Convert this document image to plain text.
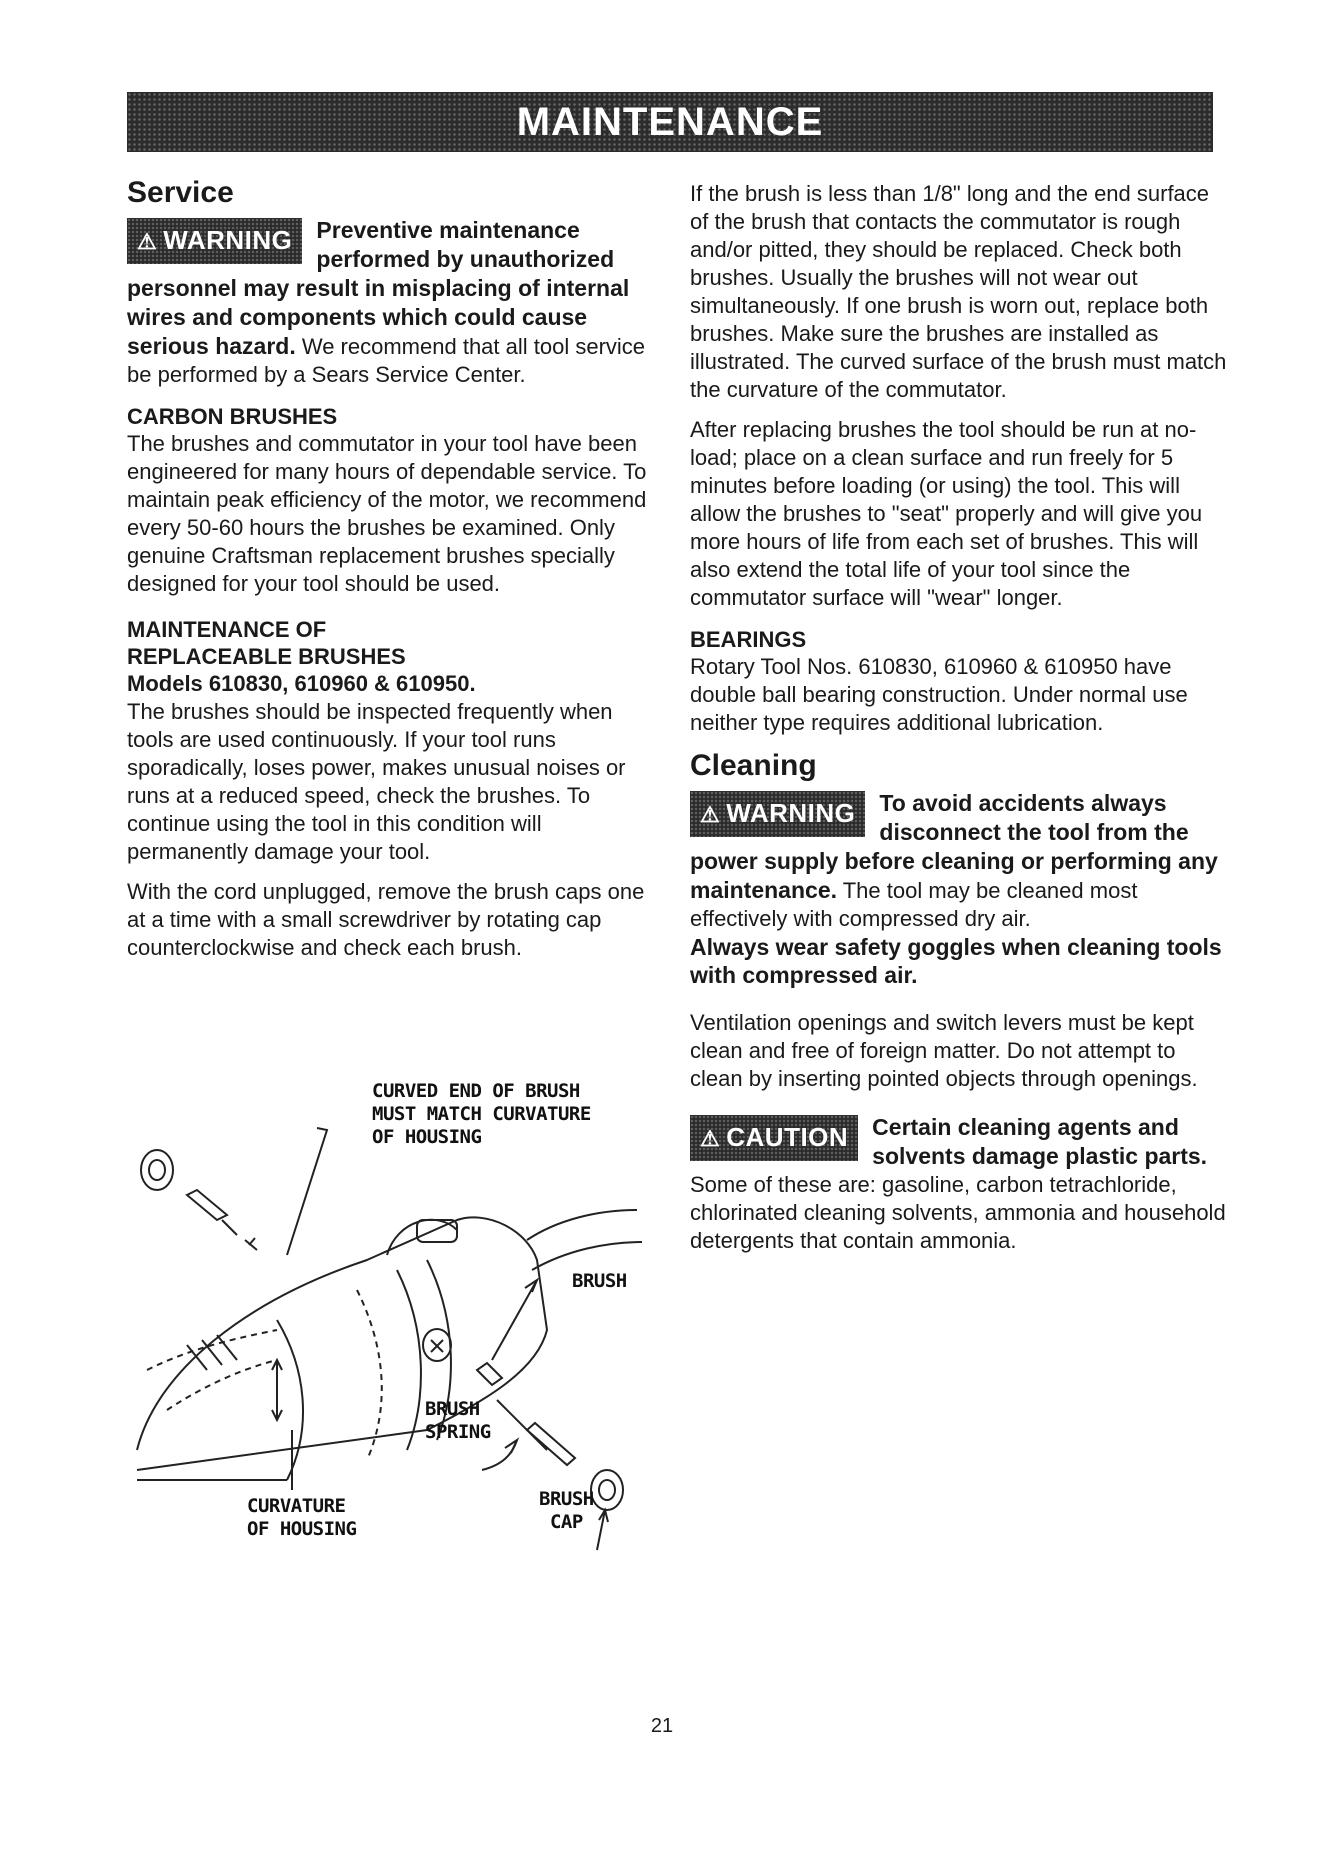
MAINTENANCE
Service

⚠ WARNING	Preventive maintenance performed by unauthorized personnel may result in misplacing of internal wires and components which could cause serious hazard. We recommend that all tool service be performed by a Sears Service Center.

CARBON BRUSHES

The brushes and commutator in your tool have been engineered for many hours of dependable service. To maintain peak efficiency of the motor, we recommend every 50-60 hours the brushes be examined. Only genuine Craftsman replacement brushes specially designed for your tool should be used.

MAINTENANCE OF
REPLACEABLE BRUSHES
Models 610830, 610960 & 610950.

The brushes should be inspected frequently when tools are used continuously. If your tool runs sporadically, loses power, makes unusual noises or runs at a reduced speed, check the brushes. To continue using the tool in this condition will permanently damage your tool.

With the cord unplugged, remove the brush caps one at a time with a small screwdriver by rotating cap counterclockwise and check each brush.

CURVED END OF BRUSH
MUST MATCH CURVATURE
OF HOUSING
BRUSH
BRUSH
SPRING
CURVATURE
OF HOUSING
BRUSH
CAP

If the brush is less than 1/8" long and the end surface of the brush that contacts the commutator is rough and/or pitted, they should be replaced. Check both brushes. Usually the brushes will not wear out simultaneously. If one brush is worn out, replace both brushes. Make sure the brushes are installed as illustrated. The curved surface of the brush must match the curvature of the commutator.

After replacing brushes the tool should be run at no-load; place on a clean surface and run freely for 5 minutes before loading (or using) the tool. This will allow the brushes to "seat" properly and will give you more hours of life from each set of brushes. This will also extend the total life of your tool since the commutator surface will "wear" longer.

BEARINGS

Rotary Tool Nos. 610830, 610960 & 610950 have double ball bearing construction. Under normal use neither type requires additional lubrication.

Cleaning

⚠ WARNING	To avoid accidents always disconnect the tool from the power supply before cleaning or performing any maintenance. The tool may be cleaned most effectively with compressed dry air.
Always wear safety goggles when cleaning tools with compressed air.

Ventilation openings and switch levers must be kept clean and free of foreign matter. Do not attempt to clean by inserting pointed objects through openings.

⚠ CAUTION	Certain cleaning agents and solvents damage plastic parts. Some of these are: gasoline, carbon tetrachloride, chlorinated cleaning solvents, ammonia and household detergents that contain ammonia.

21
